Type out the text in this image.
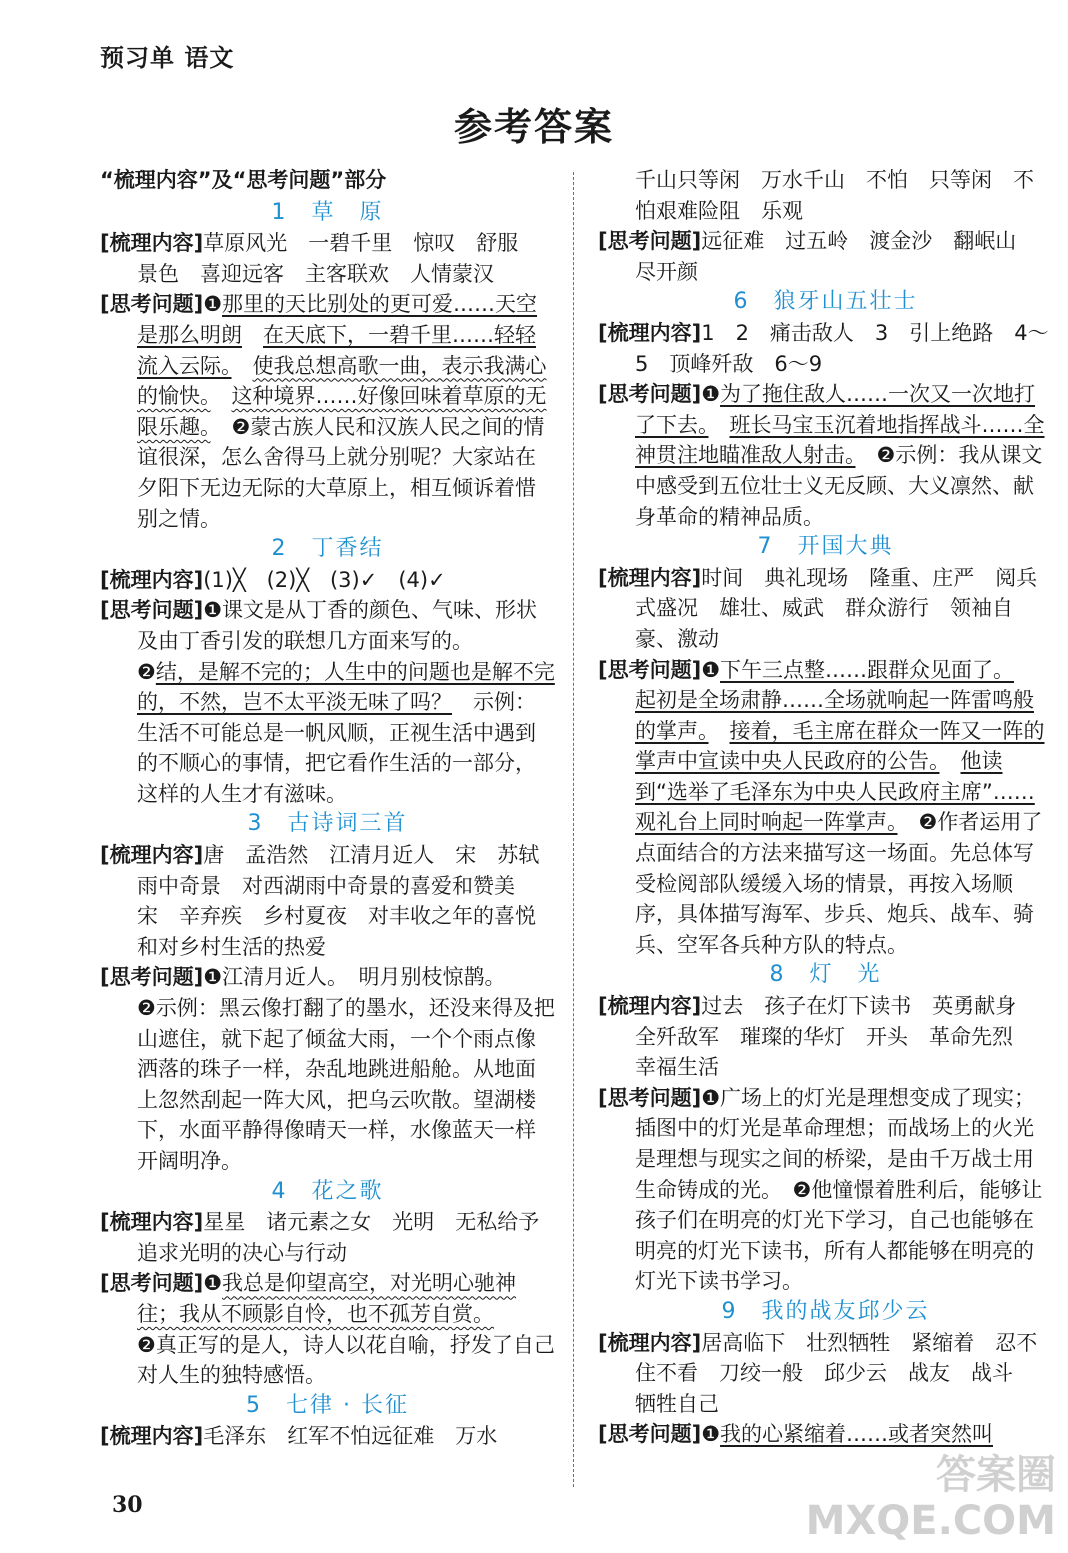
预习单 语文
参考答案
“梳理内容”及“思考问题”部分
1　草　原
[梳理内容]草原风光　一碧千里　惊叹　舒服　景色　喜迎远客　主客联欢　人情蒙汉
[思考问题]❶那里的天比别处的更可爱……天空是那么明朗　 在天底下，一碧千里……轻轻流入云际。　 使我总想高歌一曲，表示我满心的愉快。　 这种境界……好像回味着草原的无限乐趣。　❷蒙古族人民和汉族人民之间的情谊很深，怎么舍得马上就分别呢？大家站在夕阳下无边无际的大草原上，相互倾诉着惜别之情。
2　丁香结
[梳理内容](1)╳　(2)╳　(3)✓　(4)✓
[思考问题]❶课文是从丁香的颜色、气味、形状及由丁香引发的联想几方面来写的。
❷结，是解不完的；人生中的问题也是解不完的，不然，岂不太平淡无味了吗？　示例：生活不可能总是一帆风顺，正视生活中遇到的不顺心的事情，把它看作生活的一部分，这样的人生才有滋味。
3　古诗词三首
[梳理内容]唐　孟浩然　江清月近人　宋　苏轼　雨中奇景　对西湖雨中奇景的喜爱和赞美　宋　辛弃疾　乡村夏夜　对丰收之年的喜悦和对乡村生活的热爱
[思考问题]❶江清月近人。　明月别枝惊鹊。
❷示例：黑云像打翻了的墨水，还没来得及把山遮住，就下起了倾盆大雨，一个个雨点像洒落的珠子一样，杂乱地跳进船舱。从地面上忽然刮起一阵大风，把乌云吹散。望湖楼下，水面平静得像晴天一样，水像蓝天一样开阔明净。
4　花之歌
[梳理内容]星星　诸元素之女　光明　无私给予　追求光明的决心与行动
[思考问题]❶我总是仰望高空，对光明心驰神往；我从不顾影自怜，也不孤芳自赏。
❷真正写的是人，诗人以花自喻，抒发了自己对人生的独特感悟。
5　七律 · 长征
[梳理内容]毛泽东　红军不怕远征难　万水
千山只等闲　万水千山　不怕　只等闲　不怕艰难险阻　乐观
[思考问题]远征难　过五岭　渡金沙　翻岷山　尽开颜
6　狼牙山五壮士
[梳理内容]1　2　痛击敌人　3　引上绝路　4～5　顶峰歼敌　6～9
[思考问题]❶为了拖住敌人……一次又一次地打了下去。　 班长马宝玉沉着地指挥战斗……全神贯注地瞄准敌人射击。　❷示例：我从课文中感受到五位壮士义无反顾、大义凛然、献身革命的精神品质。
7　开国大典
[梳理内容]时间　典礼现场　隆重、庄严　阅兵式盛况　雄壮、威武　群众游行　领袖自豪、激动
[思考问题]❶下午三点整……跟群众见面了。
起初是全场肃静……全场就响起一阵雷鸣般的掌声。　 接着，毛主席在群众一阵又一阵的掌声中宣读中央人民政府的公告。　 他读到“选举了毛泽东为中央人民政府主席”……观礼台上同时响起一阵掌声。　❷作者运用了点面结合的方法来描写这一场面。先总体写受检阅部队缓缓入场的情景，再按入场顺序，具体描写海军、步兵、炮兵、战车、骑兵、空军各兵种方队的特点。
8　灯　光
[梳理内容]过去　孩子在灯下读书　英勇献身　全歼敌军　璀璨的华灯　开头　革命先烈　幸福生活
[思考问题]❶广场上的灯光是理想变成了现实；插图中的灯光是革命理想；而战场上的火光是理想与现实之间的桥梁，是由千万战士用生命铸成的光。　❷他憧憬着胜利后，能够让孩子们在明亮的灯光下学习，自己也能够在明亮的灯光下读书，所有人都能够在明亮的灯光下读书学习。
9　我的战友邱少云
[梳理内容]居高临下　壮烈牺牲　紧缩着　忍不住不看　刀绞一般　邱少云　战友　战斗　牺牲自己
[思考问题]❶我的心紧缩着……或者突然叫
30
答案圈
MXQE.COM
